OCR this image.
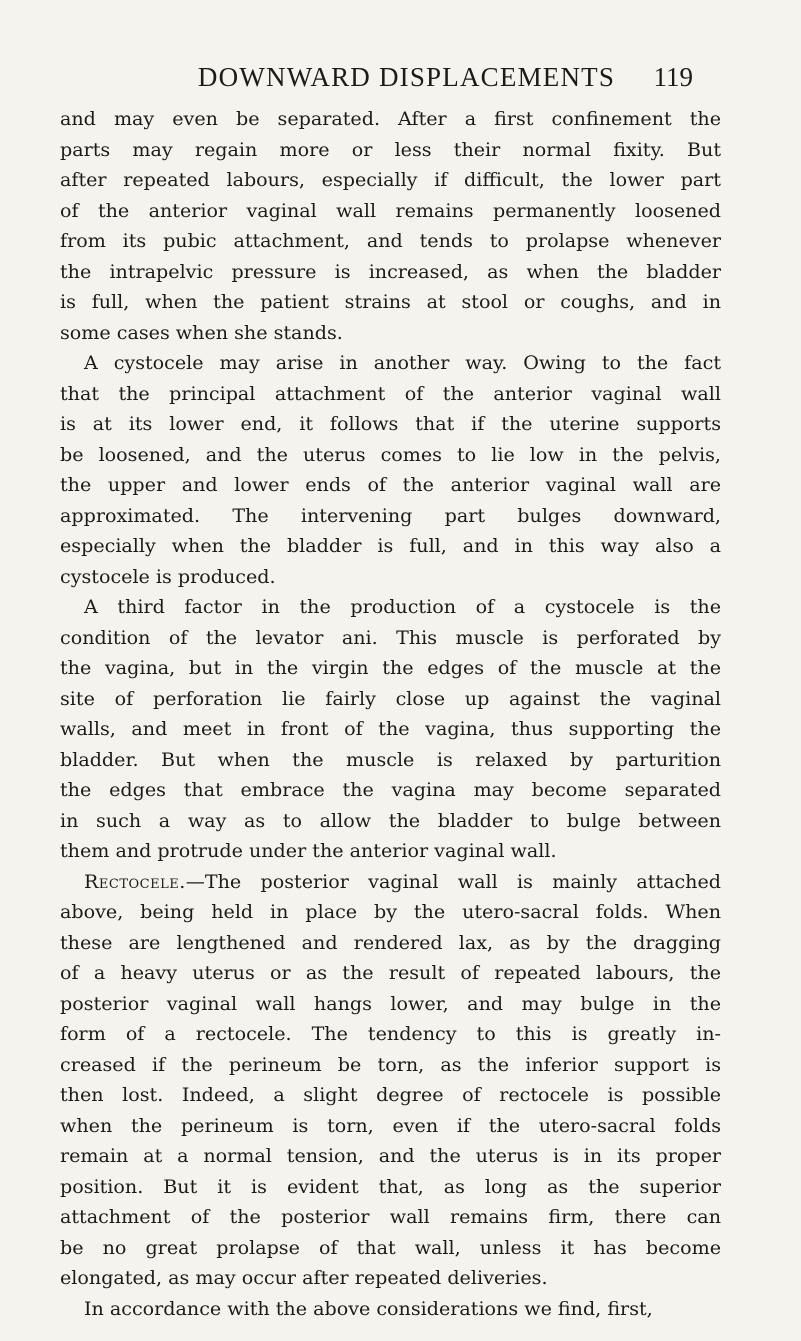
DOWNWARD DISPLACEMENTS	119
and may even be separated. After a first confinement the
parts may regain more or less their normal fixity. But
after repeated labours, especially if difficult, the lower part
of the anterior vaginal wall remains permanently loosened
from its pubic attachment, and tends to prolapse whenever
the intrapelvic pressure is increased, as when the bladder
is full, when the patient strains at stool or coughs, and in
some cases when she stands.
A cystocele may arise in another way. Owing to the fact
that the principal attachment of the anterior vaginal wall
is at its lower end, it follows that if the uterine supports
be loosened, and the uterus comes to lie low in the pelvis,
the upper and lower ends of the anterior vaginal wall are
approximated. The intervening part bulges downward,
especially when the bladder is full, and in this way also a
cystocele is produced.
A third factor in the production of a cystocele is the
condition of the levator ani. This muscle is perforated by
the vagina, but in the virgin the edges of the muscle at the
site of perforation lie fairly close up against the vaginal
walls, and meet in front of the vagina, thus supporting the
bladder. But when the muscle is relaxed by parturition
the edges that embrace the vagina may become separated
in such a way as to allow the bladder to bulge between
them and protrude under the anterior vaginal wall.
Rectocele.—The posterior vaginal wall is mainly attached
above, being held in place by the utero-sacral folds. When
these are lengthened and rendered lax, as by the dragging
of a heavy uterus or as the result of repeated labours, the
posterior vaginal wall hangs lower, and may bulge in the
form of a rectocele. The tendency to this is greatly in-
creased if the perineum be torn, as the inferior support is
then lost. Indeed, a slight degree of rectocele is possible
when the perineum is torn, even if the utero-sacral folds
remain at a normal tension, and the uterus is in its proper
position. But it is evident that, as long as the superior
attachment of the posterior wall remains firm, there can
be no great prolapse of that wall, unless it has become
elongated, as may occur after repeated deliveries.
In accordance with the above considerations we find, first,
